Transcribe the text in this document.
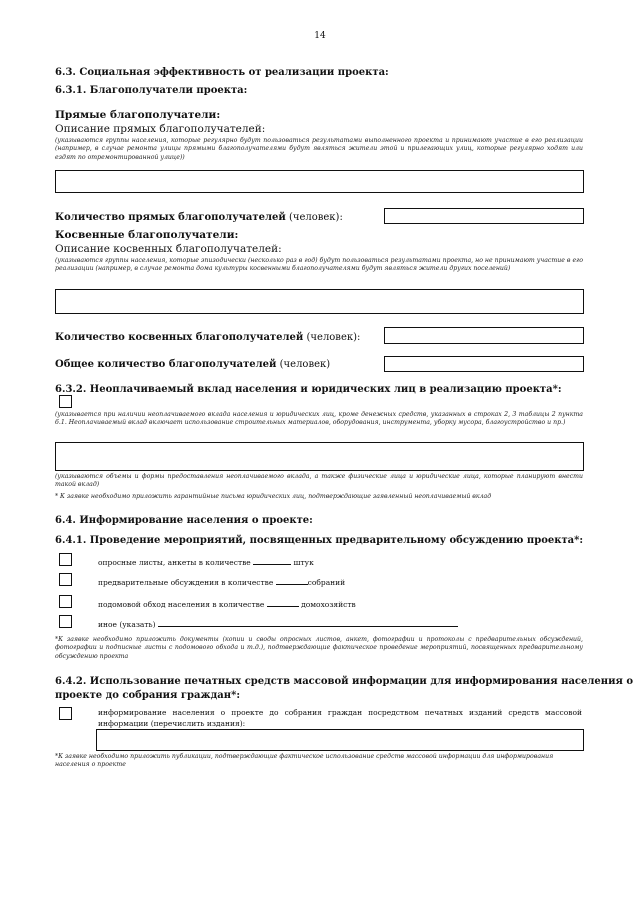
14
6.3. Социальная эффективность от реализации проекта:
6.3.1. Благополучатели проекта:
Прямые благополучатели:
Описание прямых благополучателей:
(указываются группы населения, которые регулярно будут пользоваться результатами выполненного проекта и принимают участие в его реализации (например, в случае ремонта улицы прямыми благополучателями будут являться жители этой и прилегающих улиц, которые регулярно ходят или ездят по отремонтированной улице))
Количество прямых благополучателей (человек):
Косвенные благополучатели:
Описание косвенных благополучателей:
(указываются группы населения, которые эпизодически (несколько раз в год) будут пользоваться результатами проекта, но не принимают участие в его реализации (например, в случае ремонта дома культуры косвенными благополучателями будут являться жители других поселений)
Количество косвенных благополучателей (человек):
Общее количество благополучателей (человек)
6.3.2. Неоплачиваемый вклад населения и юридических лиц в реализацию проекта*:
(указывается при наличии неоплачиваемого вклада населения и юридических лиц, кроме денежных средств, указанных в строках 2, 3 таблицы 2 пункта 6.1. Неоплачиваемый вклад включает использование строительных материалов, оборудования, инструмента, уборку мусора, благоустройство и пр.)
(указываются объемы и формы предоставления неоплачиваемого вклада, а также физические лица и юридические лица, которые планируют внести такой вклад)
* К заявке необходимо приложить гарантийные письма юридических лиц, подтверждающие заявленный неоплачиваемый вклад
6.4. Информирование населения о проекте:
6.4.1. Проведение мероприятий, посвященных предварительному обсуждению проекта*:
опросные листы, анкеты в количестве	штук
предварительные обсуждения в количестве	собраний
подомовой обход населения в количестве	домохозяйств
иное (указать)
*К заявке необходимо приложить документы (копии и своды опросных листов, анкет, фотографии и протоколы с предварительных обсуждений, фотографии и подписные листы с подомового обхода и т.д.), подтверждающие фактическое проведение мероприятий, посвященных предварительному обсуждению проекта
6.4.2. Использование печатных средств массовой информации для информирования населения о
проекте до собрания граждан*:
информирование населения о проекте до собрания граждан посредством печатных изданий средств массовой информации (перечислить издания):
*К заявке необходимо приложить публикации, подтверждающие фактическое использование средств массовой информации для информирования населения о проекте
